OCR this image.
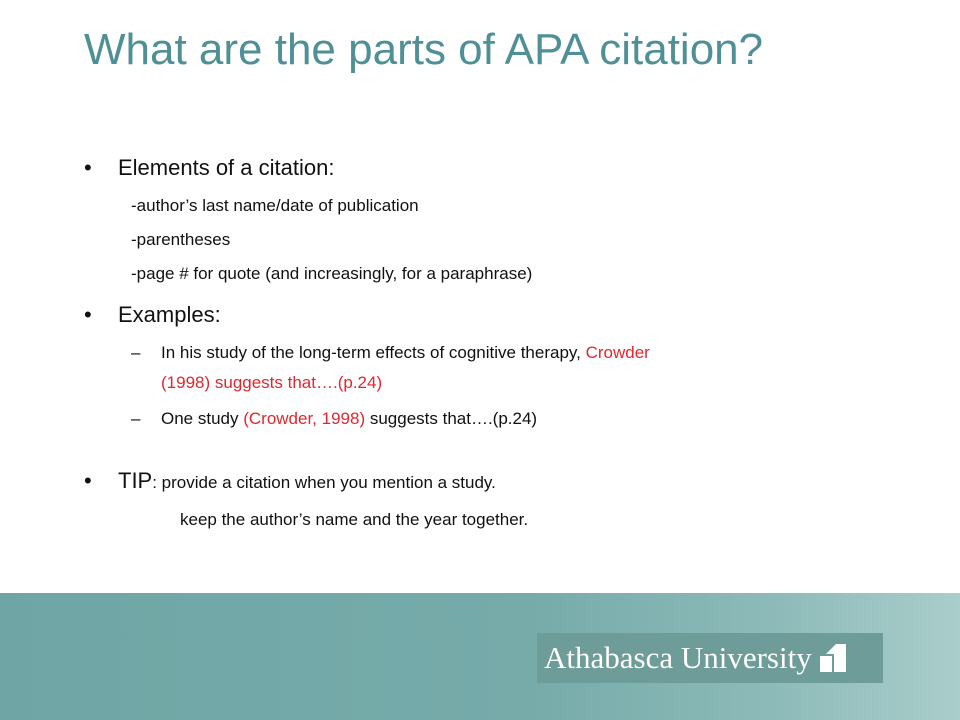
What are the parts of APA citation?
• Elements of a citation:
-author’s last name/date of publication
-parentheses
-page # for quote (and increasingly, for a paraphrase)
• Examples:
– In his study of the long-term effects of cognitive therapy, Crowder
(1998) suggests that….(p.24)
– One study (Crowder, 1998) suggests that….(p.24)
• TIP: provide a citation when you mention a study.
keep the author’s name and the year together.
Athabasca University
